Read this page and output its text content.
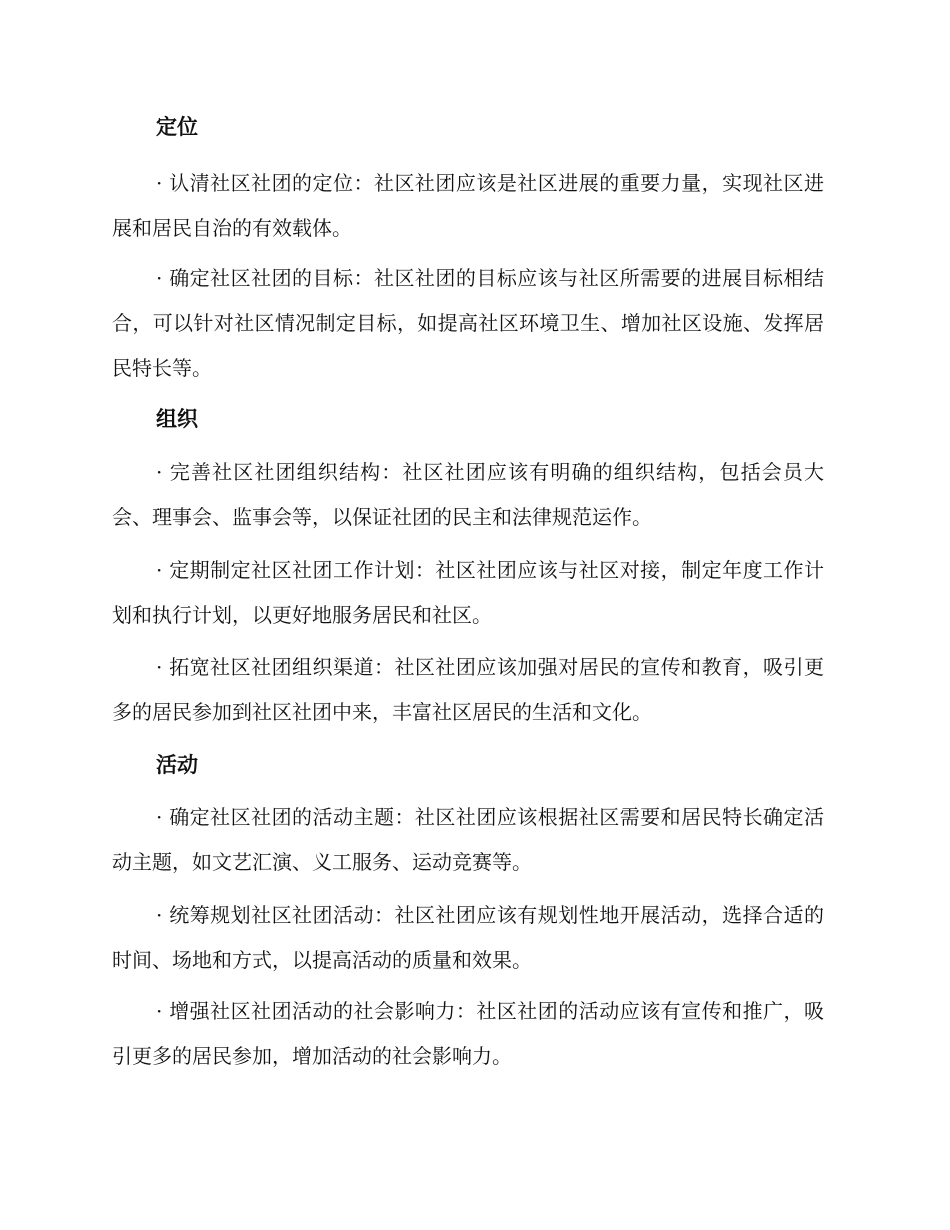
定位

· 认清社区社团的定位：社区社团应该是社区进展的重要力量，实现社区进展和居民自治的有效载体。

· 确定社区社团的目标：社区社团的目标应该与社区所需要的进展目标相结合，可以针对社区情况制定目标，如提高社区环境卫生、增加社区设施、发挥居民特长等。

组织

· 完善社区社团组织结构：社区社团应该有明确的组织结构，包括会员大会、理事会、监事会等，以保证社团的民主和法律规范运作。

· 定期制定社区社团工作计划：社区社团应该与社区对接，制定年度工作计划和执行计划，以更好地服务居民和社区。

· 拓宽社区社团组织渠道：社区社团应该加强对居民的宣传和教育，吸引更多的居民参加到社区社团中来，丰富社区居民的生活和文化。

活动

· 确定社区社团的活动主题：社区社团应该根据社区需要和居民特长确定活动主题，如文艺汇演、义工服务、运动竞赛等。

· 统筹规划社区社团活动：社区社团应该有规划性地开展活动，选择合适的时间、场地和方式，以提高活动的质量和效果。

· 增强社区社团活动的社会影响力：社区社团的活动应该有宣传和推广，吸引更多的居民参加，增加活动的社会影响力。
